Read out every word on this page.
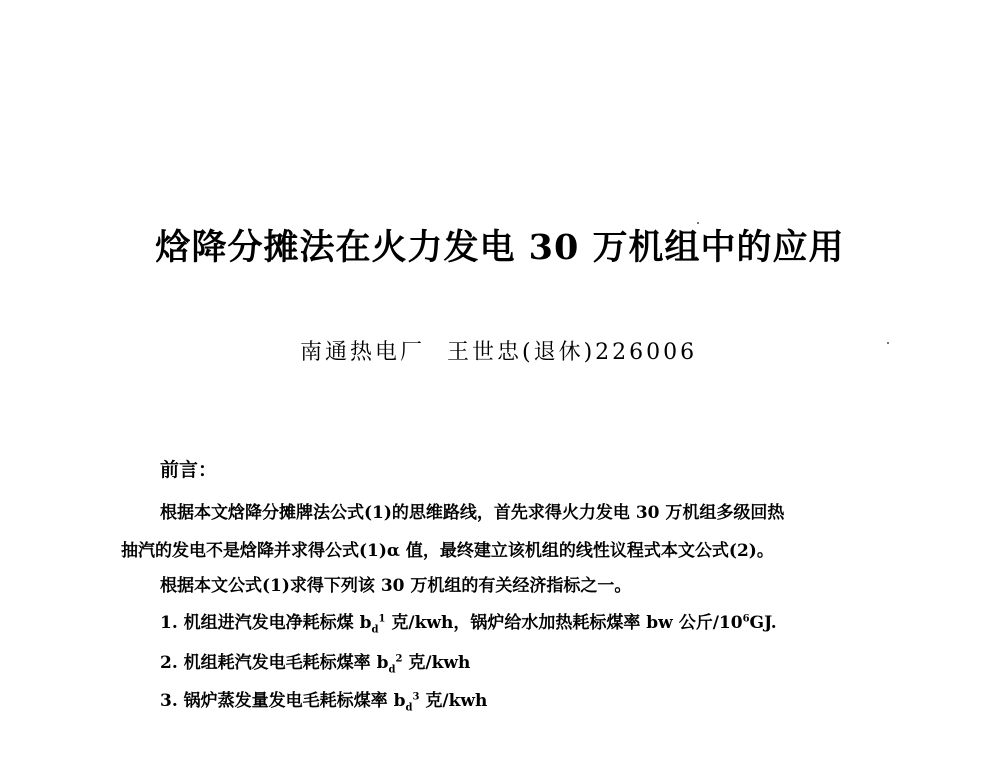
焓降分摊法在火力发电 30 万机组中的应用
南通热电厂 王世忠(退休)226006
前言：
根据本文焓降分摊牌法公式(1)的思维路线，首先求得火力发电 30 万机组多级回热
抽汽的发电不是焓降并求得公式(1)α 值，最终建立该机组的线性议程式本文公式(2)。
根据本文公式(1)求得下列该 30 万机组的有关经济指标之一。
1. 机组进汽发电净耗标煤 $b_d^1$ 克/kwh，锅炉给水加热耗标煤率 bw 公斤$/10^6GJ$.
2. 机组耗汽发电毛耗标煤率 $b_d^2$ 克/kwh
3. 锅炉蒸发量发电毛耗标煤率 $b_d^3$ 克/kwh
